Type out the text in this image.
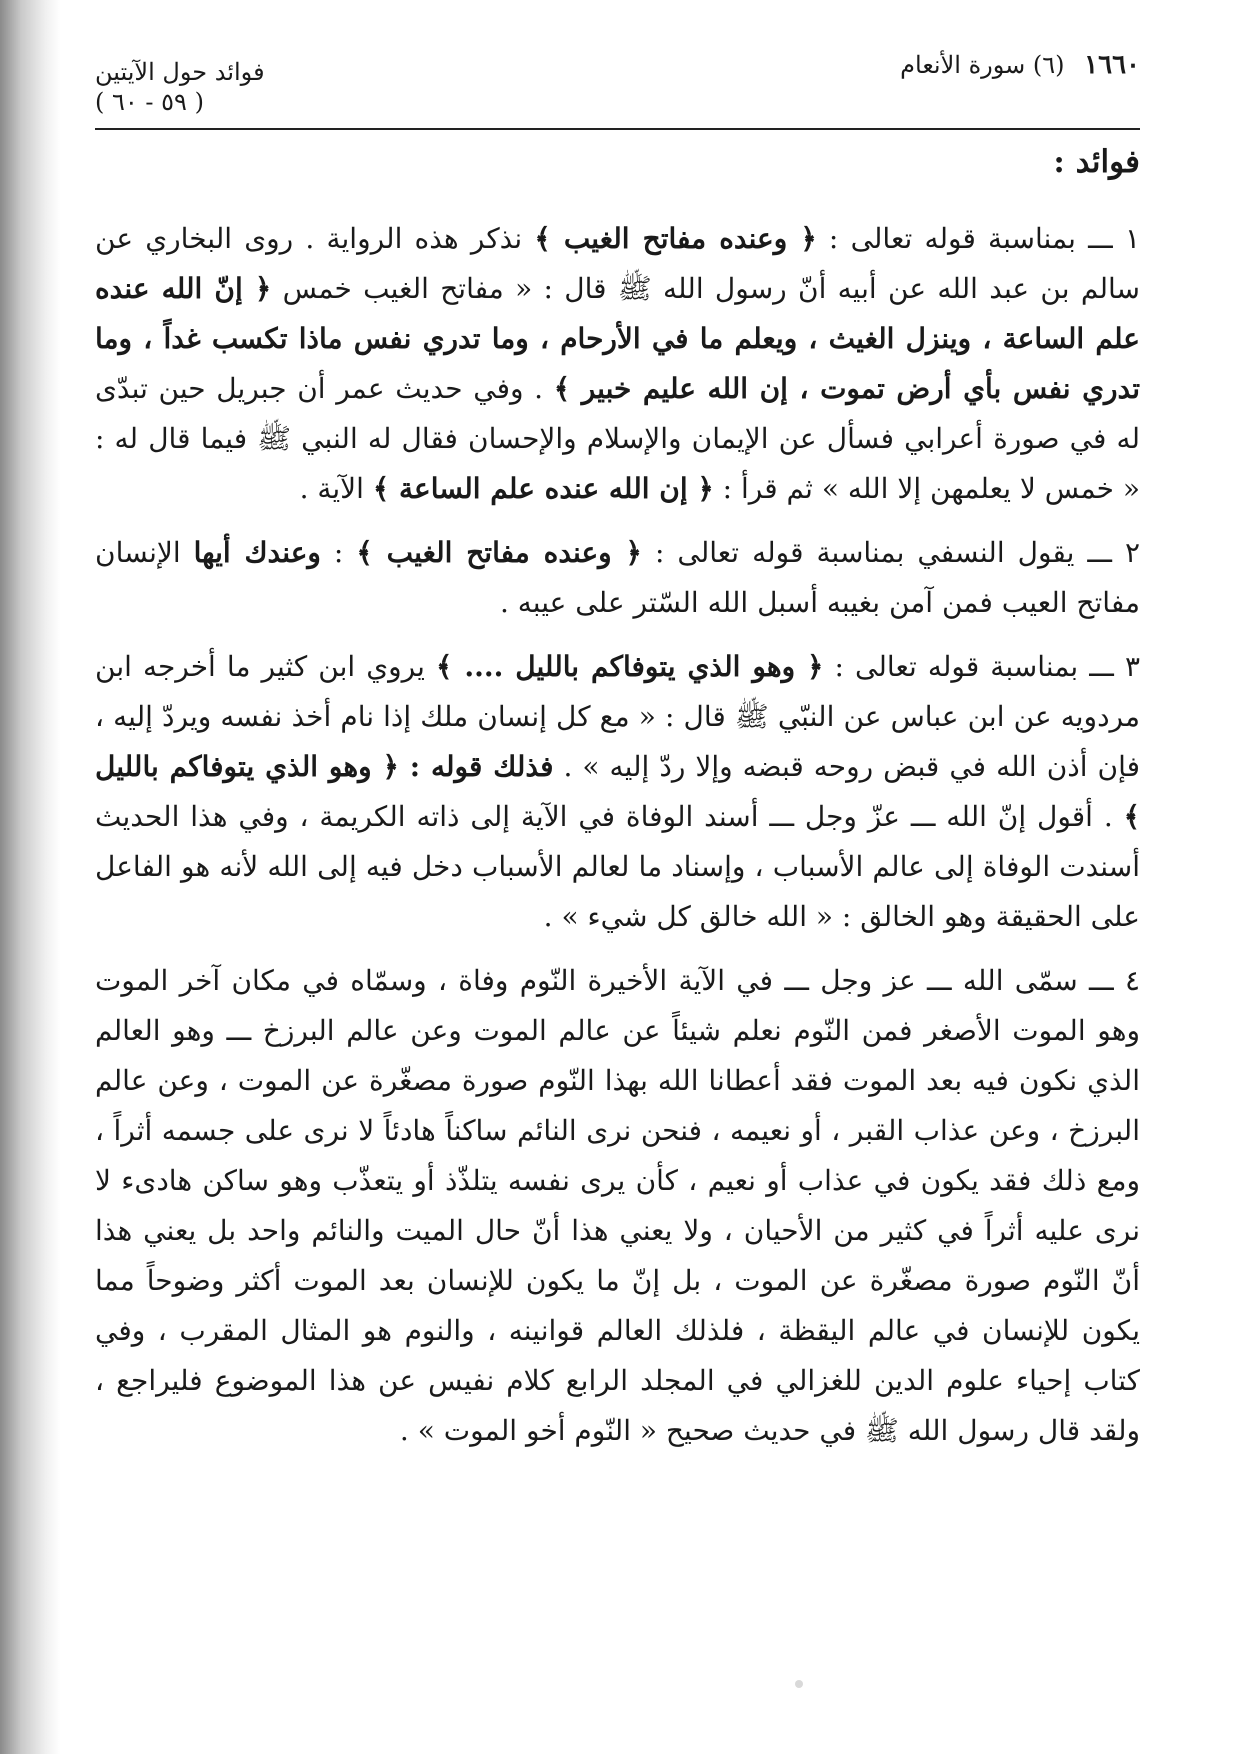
١٦٦٠ (٦) سورة الأنعام
فوائد حول الآيتين
( ٥٩ - ٦٠ )
فوائد :

١ ـــ بمناسبة قوله تعالى : ﴿ وعنده مفاتح الغيب ﴾ نذكر هذه الرواية . روى البخاري عن سالم بن عبد الله عن أبيه أنّ رسول الله ﷺ قال : « مفاتح الغيب خمس ﴿ إنّ الله عنده علم الساعة ، وينزل الغيث ، ويعلم ما في الأرحام ، وما تدري نفس ماذا تكسب غداً ، وما تدري نفس بأي أرض تموت ، إن الله عليم خبير ﴾ . وفي حديث عمر أن جبريل حين تبدّى له في صورة أعرابي فسأل عن الإيمان والإسلام والإحسان فقال له النبي ﷺ فيما قال له : « خمس لا يعلمهن إلا الله » ثم قرأ : ﴿ إن الله عنده علم الساعة ﴾ الآية .

٢ ـــ يقول النسفي بمناسبة قوله تعالى : ﴿ وعنده مفاتح الغيب ﴾ : وعندك أيها الإنسان مفاتح العيب فمن آمن بغيبه أسبل الله السّتر على عيبه .

٣ ـــ بمناسبة قوله تعالى : ﴿ وهو الذي يتوفاكم بالليل .... ﴾ يروي ابن كثير ما أخرجه ابن مردويه عن ابن عباس عن النبّي ﷺ قال : « مع كل إنسان ملك إذا نام أخذ نفسه ويردّ إليه ، فإن أذن الله في قبض روحه قبضه وإلا ردّ إليه » . فذلك قوله : ﴿ وهو الذي يتوفاكم بالليل ﴾ . أقول إنّ الله ـــ عزّ وجل ـــ أسند الوفاة في الآية إلى ذاته الكريمة ، وفي هذا الحديث أسندت الوفاة إلى عالم الأسباب ، وإسناد ما لعالم الأسباب دخل فيه إلى الله لأنه هو الفاعل على الحقيقة وهو الخالق : « الله خالق كل شيء » .

٤ ـــ سمّى الله ـــ عز وجل ـــ في الآية الأخيرة النّوم وفاة ، وسمّاه في مكان آخر الموت وهو الموت الأصغر فمن النّوم نعلم شيئاً عن عالم الموت وعن عالم البرزخ ـــ وهو العالم الذي نكون فيه بعد الموت فقد أعطانا الله بهذا النّوم صورة مصغّرة عن الموت ، وعن عالم البرزخ ، وعن عذاب القبر ، أو نعيمه ، فنحن نرى النائم ساكناً هادئاً لا نرى على جسمه أثراً ، ومع ذلك فقد يكون في عذاب أو نعيم ، كأن يرى نفسه يتلذّذ أو يتعذّب وهو ساكن هادىء لا نرى عليه أثراً في كثير من الأحيان ، ولا يعني هذا أنّ حال الميت والنائم واحد بل يعني هذا أنّ النّوم صورة مصغّرة عن الموت ، بل إنّ ما يكون للإنسان بعد الموت أكثر وضوحاً مما يكون للإنسان في عالم اليقظة ، فلذلك العالم قوانينه ، والنوم هو المثال المقرب ، وفي كتاب إحياء علوم الدين للغزالي في المجلد الرابع كلام نفيس عن هذا الموضوع فليراجع ، ولقد قال رسول الله ﷺ في حديث صحيح « النّوم أخو الموت » .
